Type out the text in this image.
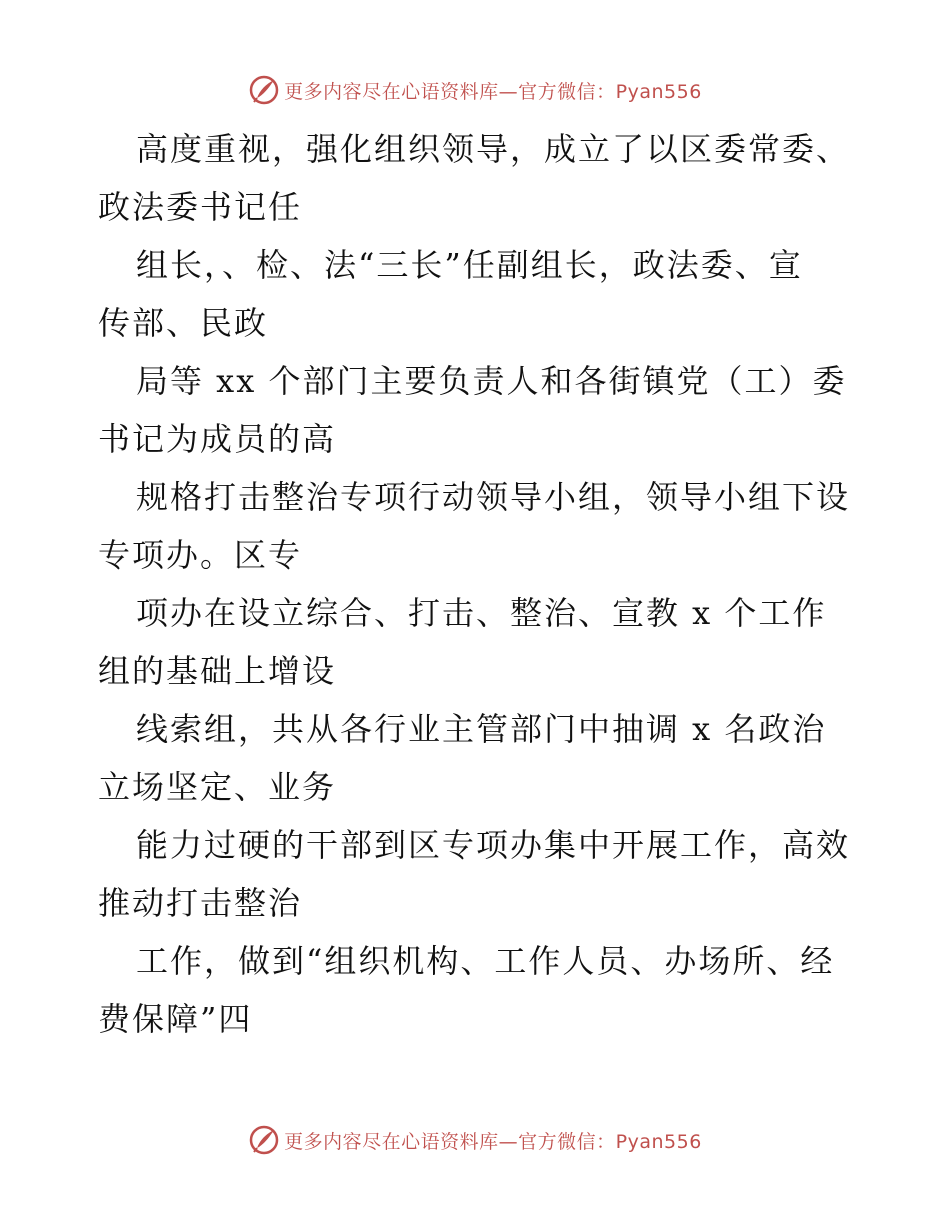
更多内容尽在心语资料库—官方微信：Pyan556
高度重视，强化组织领导，成立了以区委常委、
政法委书记任
组长，、检、法“三长”任副组长，政法委、宣
传部、民政
局等 xx 个部门主要负责人和各街镇党（工）委
书记为成员的高
规格打击整治专项行动领导小组，领导小组下设
专项办。区专
项办在设立综合、打击、整治、宣教 x 个工作
组的基础上增设
线索组，共从各行业主管部门中抽调 x 名政治
立场坚定、业务
能力过硬的干部到区专项办集中开展工作，高效
推动打击整治
工作，做到“组织机构、工作人员、办场所、经
费保障”四
更多内容尽在心语资料库—官方微信：Pyan556
